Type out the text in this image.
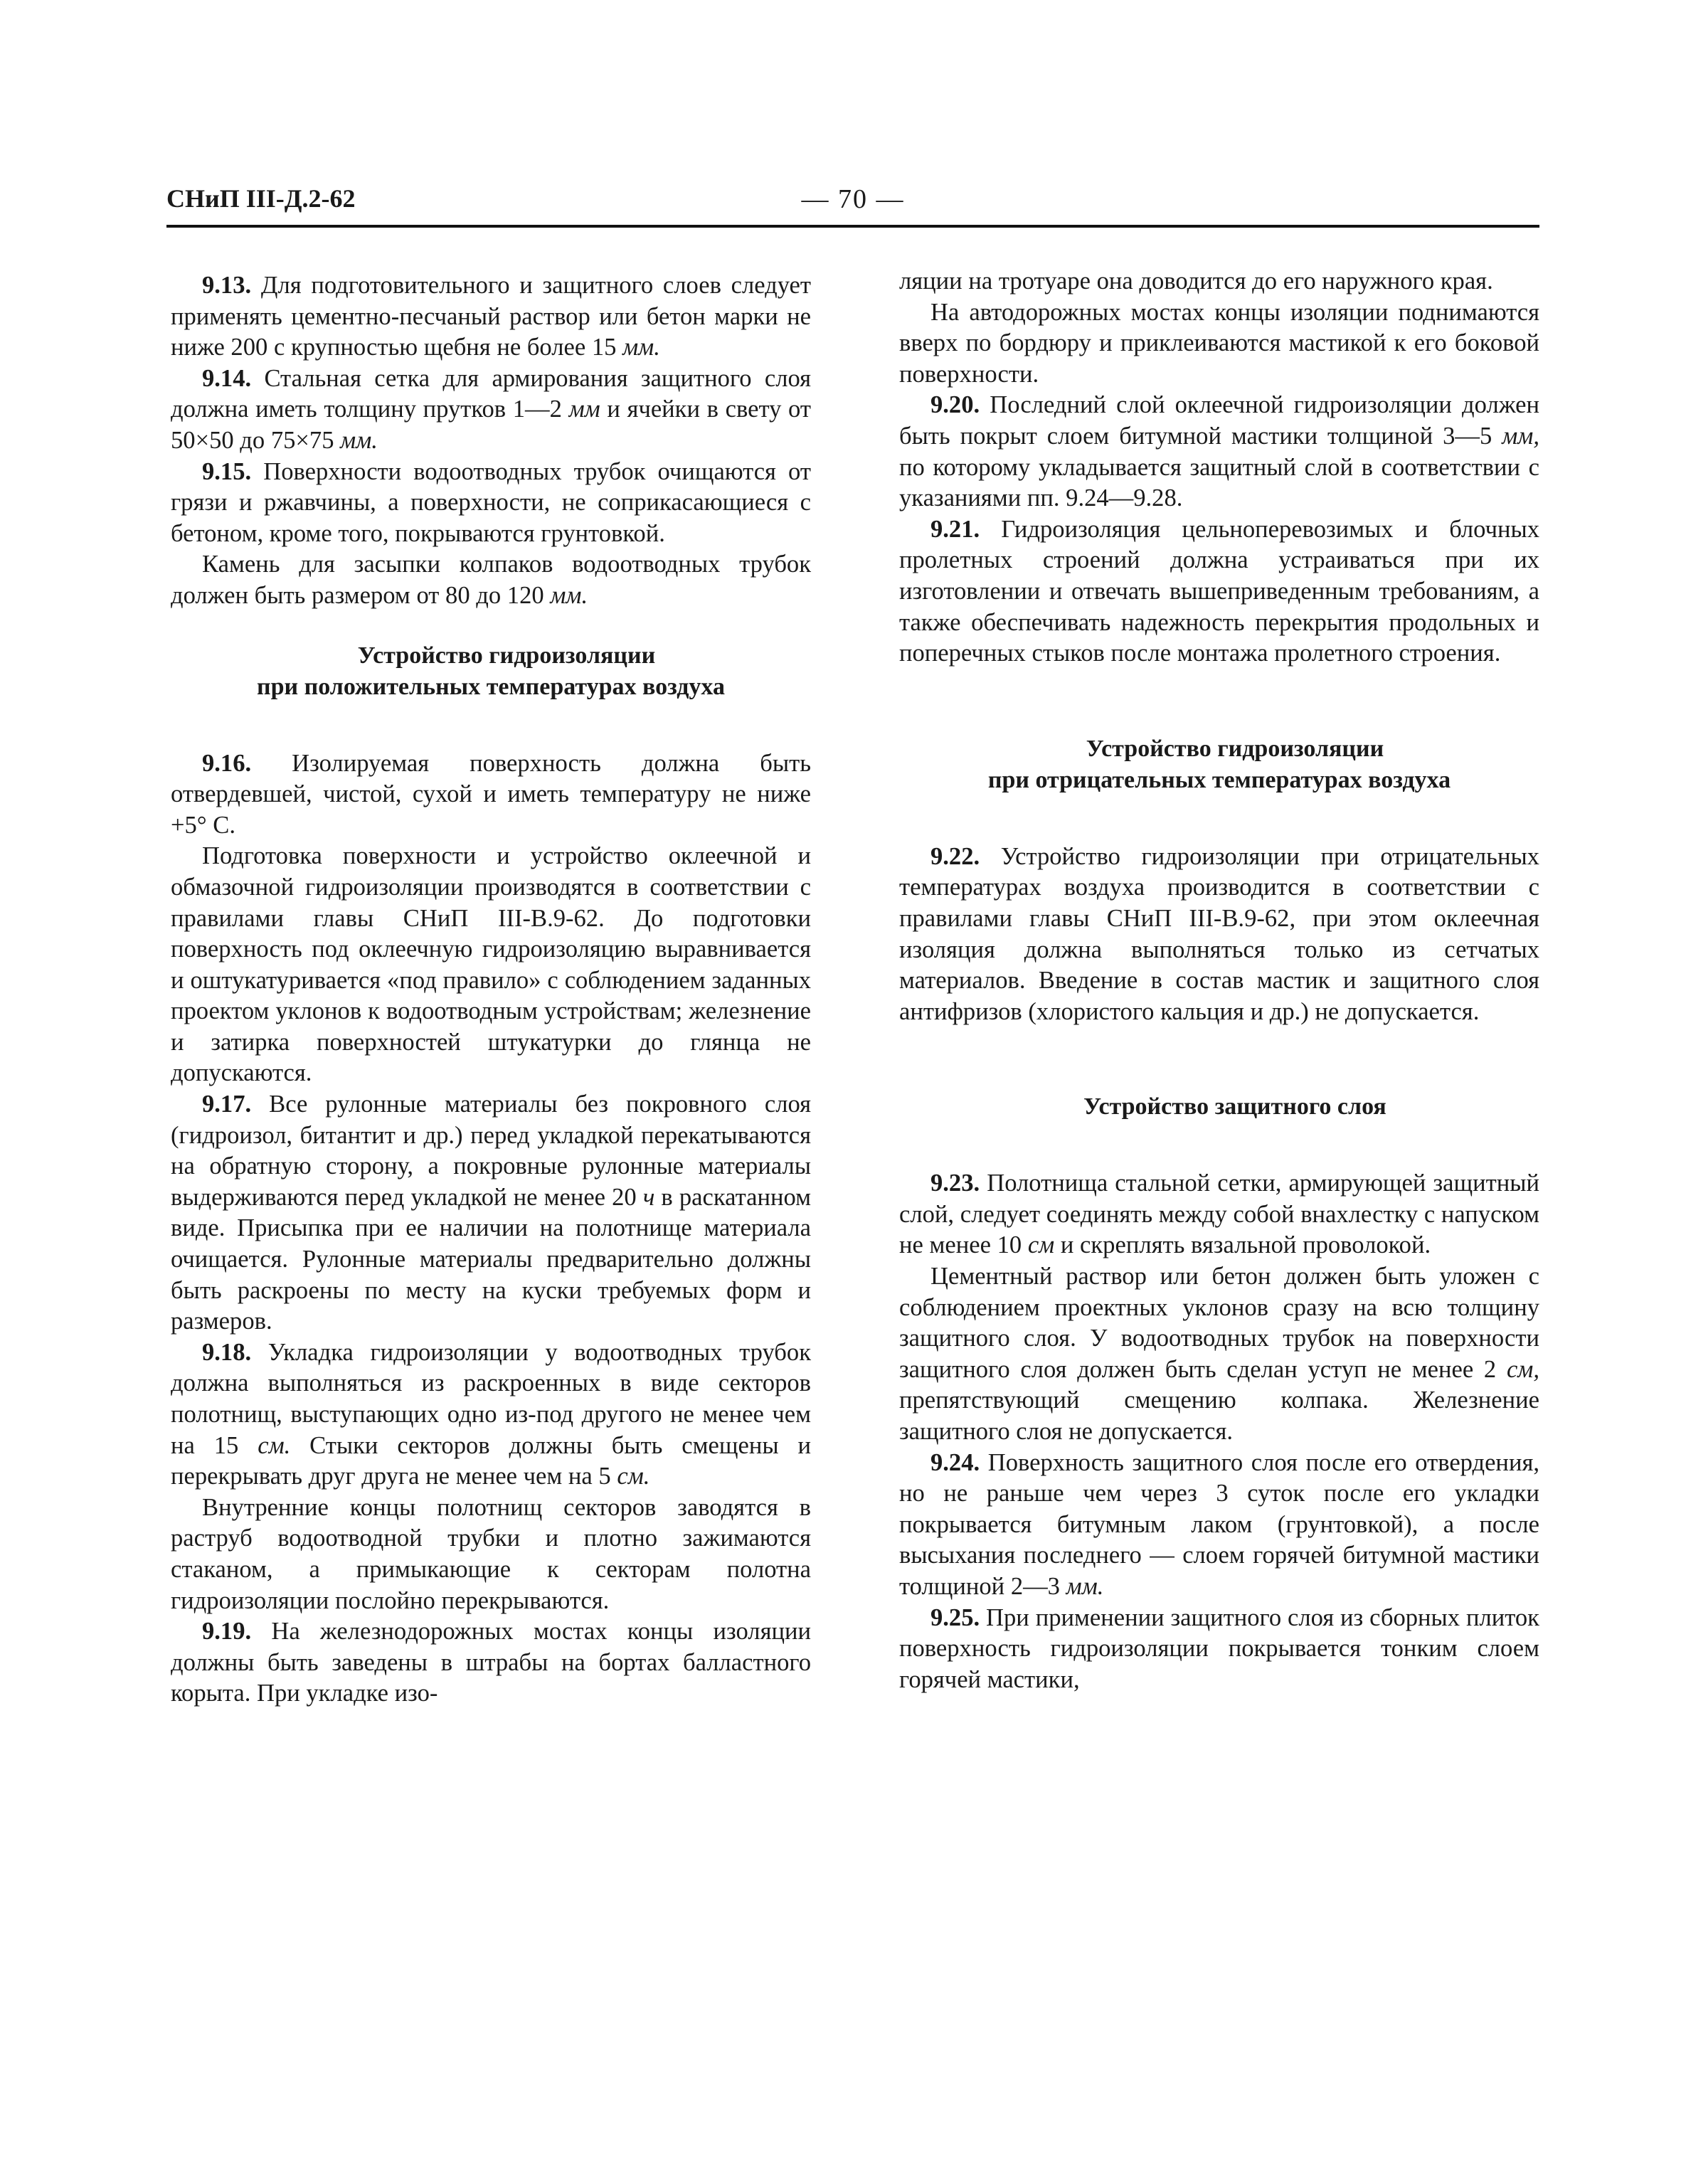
СНиП III-Д.2-62	— 70 —

9.13. Для подготовительного и защитного слоев следует применять цементно-песчаный раствор или бетон марки не ниже 200 с крупностью щебня не более 15 мм.

9.14. Стальная сетка для армирования защитного слоя должна иметь толщину прутков 1—2 мм и ячейки в свету от 50×50 до 75×75 мм.

9.15. Поверхности водоотводных трубок очищаются от грязи и ржавчины, а поверхности, не соприкасающиеся с бетоном, кроме того, покрываются грунтовкой.

Камень для засыпки колпаков водоотводных трубок должен быть размером от 80 до 120 мм.

Устройство гидроизоляции
при положительных температурах воздуха

9.16. Изолируемая поверхность должна быть отвердевшей, чистой, сухой и иметь температуру не ниже +5° С.

Подготовка поверхности и устройство оклеечной и обмазочной гидроизоляции производятся в соответствии с правилами главы СНиП III-В.9-62. До подготовки поверхность под оклеечную гидроизоляцию выравнивается и оштукатуривается «под правило» с соблюдением заданных проектом уклонов к водоотводным устройствам; железнение и затирка поверхностей штукатурки до глянца не допускаются.

9.17. Все рулонные материалы без покровного слоя (гидроизол, битантит и др.) перед укладкой перекатываются на обратную сторону, а покровные рулонные материалы выдерживаются перед укладкой не менее 20 ч в раскатанном виде. Присыпка при ее наличии на полотнище материала очищается. Рулонные материалы предварительно должны быть раскроены по месту на куски требуемых форм и размеров.

9.18. Укладка гидроизоляции у водоотводных трубок должна выполняться из раскроенных в виде секторов полотнищ, выступающих одно из-под другого не менее чем на 15 см. Стыки секторов должны быть смещены и перекрывать друг друга не менее чем на 5 см.

Внутренние концы полотнищ секторов заводятся в раструб водоотводной трубки и плотно зажимаются стаканом, а примыкающие к секторам полотна гидроизоляции послойно перекрываются.

9.19. На железнодорожных мостах концы изоляции должны быть заведены в штрабы на бортах балластного корыта. При укладке изо-

ляции на тротуаре она доводится до его наружного края.

На автодорожных мостах концы изоляции поднимаются вверх по бордюру и приклеиваются мастикой к его боковой поверхности.

9.20. Последний слой оклеечной гидроизоляции должен быть покрыт слоем битумной мастики толщиной 3—5 мм, по которому укладывается защитный слой в соответствии с указаниями пп. 9.24—9.28.

9.21. Гидроизоляция цельноперевозимых и блочных пролетных строений должна устраиваться при их изготовлении и отвечать вышеприведенным требованиям, а также обеспечивать надежность перекрытия продольных и поперечных стыков после монтажа пролетного строения.

Устройство гидроизоляции
при отрицательных температурах воздуха

9.22. Устройство гидроизоляции при отрицательных температурах воздуха производится в соответствии с правилами главы СНиП III-В.9-62, при этом оклеечная изоляция должна выполняться только из сетчатых материалов. Введение в состав мастик и защитного слоя антифризов (хлористого кальция и др.) не допускается.

Устройство защитного слоя

9.23. Полотнища стальной сетки, армирующей защитный слой, следует соединять между собой внахлестку с напуском не менее 10 см и скреплять вязальной проволокой.

Цементный раствор или бетон должен быть уложен с соблюдением проектных уклонов сразу на всю толщину защитного слоя. У водоотводных трубок на поверхности защитного слоя должен быть сделан уступ не менее 2 см, препятствующий смещению колпака. Железнение защитного слоя не допускается.

9.24. Поверхность защитного слоя после его отвердения, но не раньше чем через 3 суток после его укладки покрывается битумным лаком (грунтовкой), а после высыхания последнего — слоем горячей битумной мастики толщиной 2—3 мм.

9.25. При применении защитного слоя из сборных плиток поверхность гидроизоляции покрывается тонким слоем горячей мастики,
